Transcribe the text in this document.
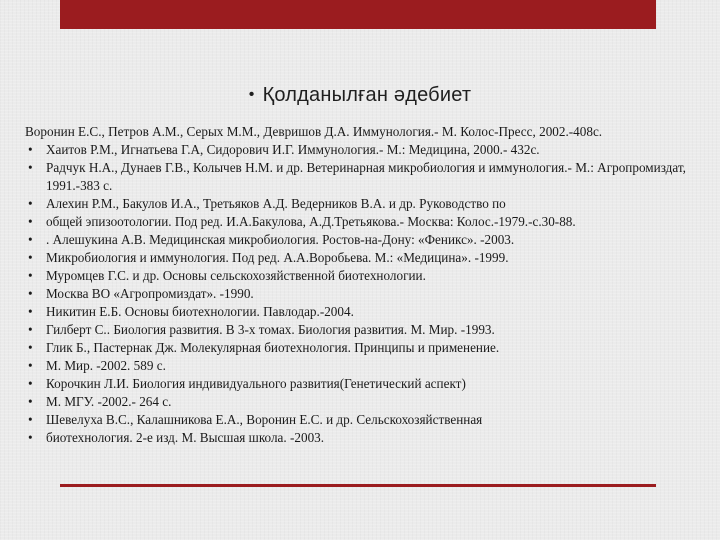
• Қолданылған әдебиет
Воронин Е.С., Петров А.М., Серых М.М., Девришов Д.А. Иммунология.- М. Колос-Пресс, 2002.-408с.
• Хаитов Р.М., Игнатьева Г.А, Сидорович И.Г. Иммунология.- М.: Медицина, 2000.- 432с.
• Радчук Н.А., Дунаев Г.В., Колычев Н.М. и др. Ветеринарная микробиология и иммунология.- М.: Агропромиздат, 1991.-383 с.
• Алехин Р.М., Бакулов И.А., Третьяков А.Д. Ведерников В.А. и др. Руководство по
• общей эпизоотологии. Под ред. И.А.Бакулова, А.Д.Третьякова.- Москва: Колос.-1979.-с.30-88.
• . Алешукина А.В. Медицинская микробиология. Ростов-на-Дону: «Феникс». -2003.
• Микробиология и иммунология. Под ред. А.А.Воробьева. М.: «Медицина». -1999.
• Муромцев Г.С. и др. Основы сельскохозяйственной биотехнологии.
• Москва ВО «Агропромиздат». -1990.
• Никитин Е.Б. Основы биотехнологии. Павлодар.-2004.
• Гилберт С.. Биология развития. В 3-х томах. Биология развития. М. Мир. -1993.
• Глик Б., Пастернак Дж. Молекулярная биотехнология. Принципы и применение.
• М. Мир. -2002. 589 с.
• Корочкин Л.И. Биология индивидуального развития(Генетический аспект)
• М. МГУ. -2002.- 264 с.
• Шевелуха В.С., Калашникова Е.А., Воронин Е.С. и др. Сельскохозяйственная
• биотехнология. 2-е изд. М. Высшая школа. -2003.
